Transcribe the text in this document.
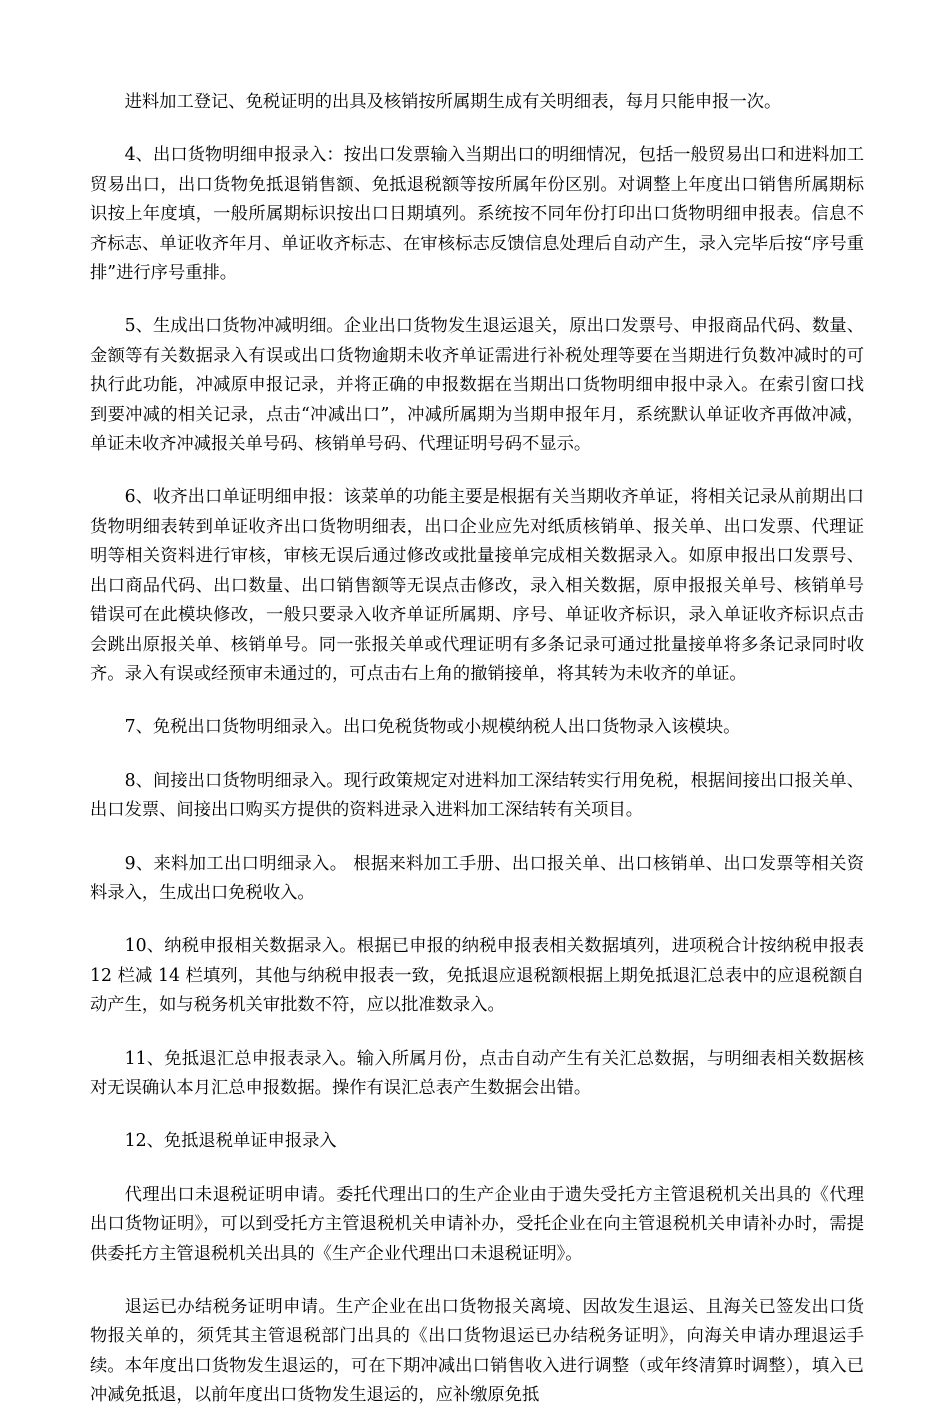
进料加工登记、免税证明的出具及核销按所属期生成有关明细表，每月只能申报一次。

4、出口货物明细申报录入：按出口发票输入当期出口的明细情况，包括一般贸易出口和进料加工贸易出口，出口货物免抵退销售额、免抵退税额等按所属年份区别。对调整上年度出口销售所属期标识按上年度填，一般所属期标识按出口日期填列。系统按不同年份打印出口货物明细申报表。信息不齐标志、单证收齐年月、单证收齐标志、在审核标志反馈信息处理后自动产生，录入完毕后按“序号重排”进行序号重排。

5、生成出口货物冲减明细。企业出口货物发生退运退关，原出口发票号、申报商品代码、数量、金额等有关数据录入有误或出口货物逾期未收齐单证需进行补税处理等要在当期进行负数冲减时的可执行此功能，冲减原申报记录，并将正确的申报数据在当期出口货物明细申报中录入。在索引窗口找到要冲减的相关记录，点击“冲减出口”，冲减所属期为当期申报年月，系统默认单证收齐再做冲减，单证未收齐冲减报关单号码、核销单号码、代理证明号码不显示。

6、收齐出口单证明细申报：该菜单的功能主要是根据有关当期收齐单证，将相关记录从前期出口货物明细表转到单证收齐出口货物明细表，出口企业应先对纸质核销单、报关单、出口发票、代理证明等相关资料进行审核，审核无误后通过修改或批量接单完成相关数据录入。如原申报出口发票号、出口商品代码、出口数量、出口销售额等无误点击修改，录入相关数据，原申报报关单号、核销单号错误可在此模块修改，一般只要录入收齐单证所属期、序号、单证收齐标识，录入单证收齐标识点击会跳出原报关单、核销单号。同一张报关单或代理证明有多条记录可通过批量接单将多条记录同时收齐。录入有误或经预审未通过的，可点击右上角的撤销接单，将其转为未收齐的单证。

7、免税出口货物明细录入。出口免税货物或小规模纳税人出口货物录入该模块。

8、间接出口货物明细录入。现行政策规定对进料加工深结转实行用免税，根据间接出口报关单、出口发票、间接出口购买方提供的资料进录入进料加工深结转有关项目。

9、来料加工出口明细录入。 根据来料加工手册、出口报关单、出口核销单、出口发票等相关资料录入，生成出口免税收入。

10、纳税申报相关数据录入。根据已申报的纳税申报表相关数据填列，进项税合计按纳税申报表 12 栏减 14 栏填列，其他与纳税申报表一致，免抵退应退税额根据上期免抵退汇总表中的应退税额自动产生，如与税务机关审批数不符，应以批准数录入。

11、免抵退汇总申报表录入。输入所属月份，点击自动产生有关汇总数据，与明细表相关数据核对无误确认本月汇总申报数据。操作有误汇总表产生数据会出错。

12、免抵退税单证申报录入

代理出口未退税证明申请。委托代理出口的生产企业由于遗失受托方主管退税机关出具的《代理出口货物证明》，可以到受托方主管退税机关申请补办，受托企业在向主管退税机关申请补办时，需提供委托方主管退税机关出具的《生产企业代理出口未退税证明》。

退运已办结税务证明申请。生产企业在出口货物报关离境、因故发生退运、且海关已签发出口货物报关单的，须凭其主管退税部门出具的《出口货物退运已办结税务证明》，向海关申请办理退运手续。本年度出口货物发生退运的，可在下期冲减出口销售收入进行调整（或年终清算时调整），填入已冲减免抵退，以前年度出口货物发生退运的，应补缴原免抵
